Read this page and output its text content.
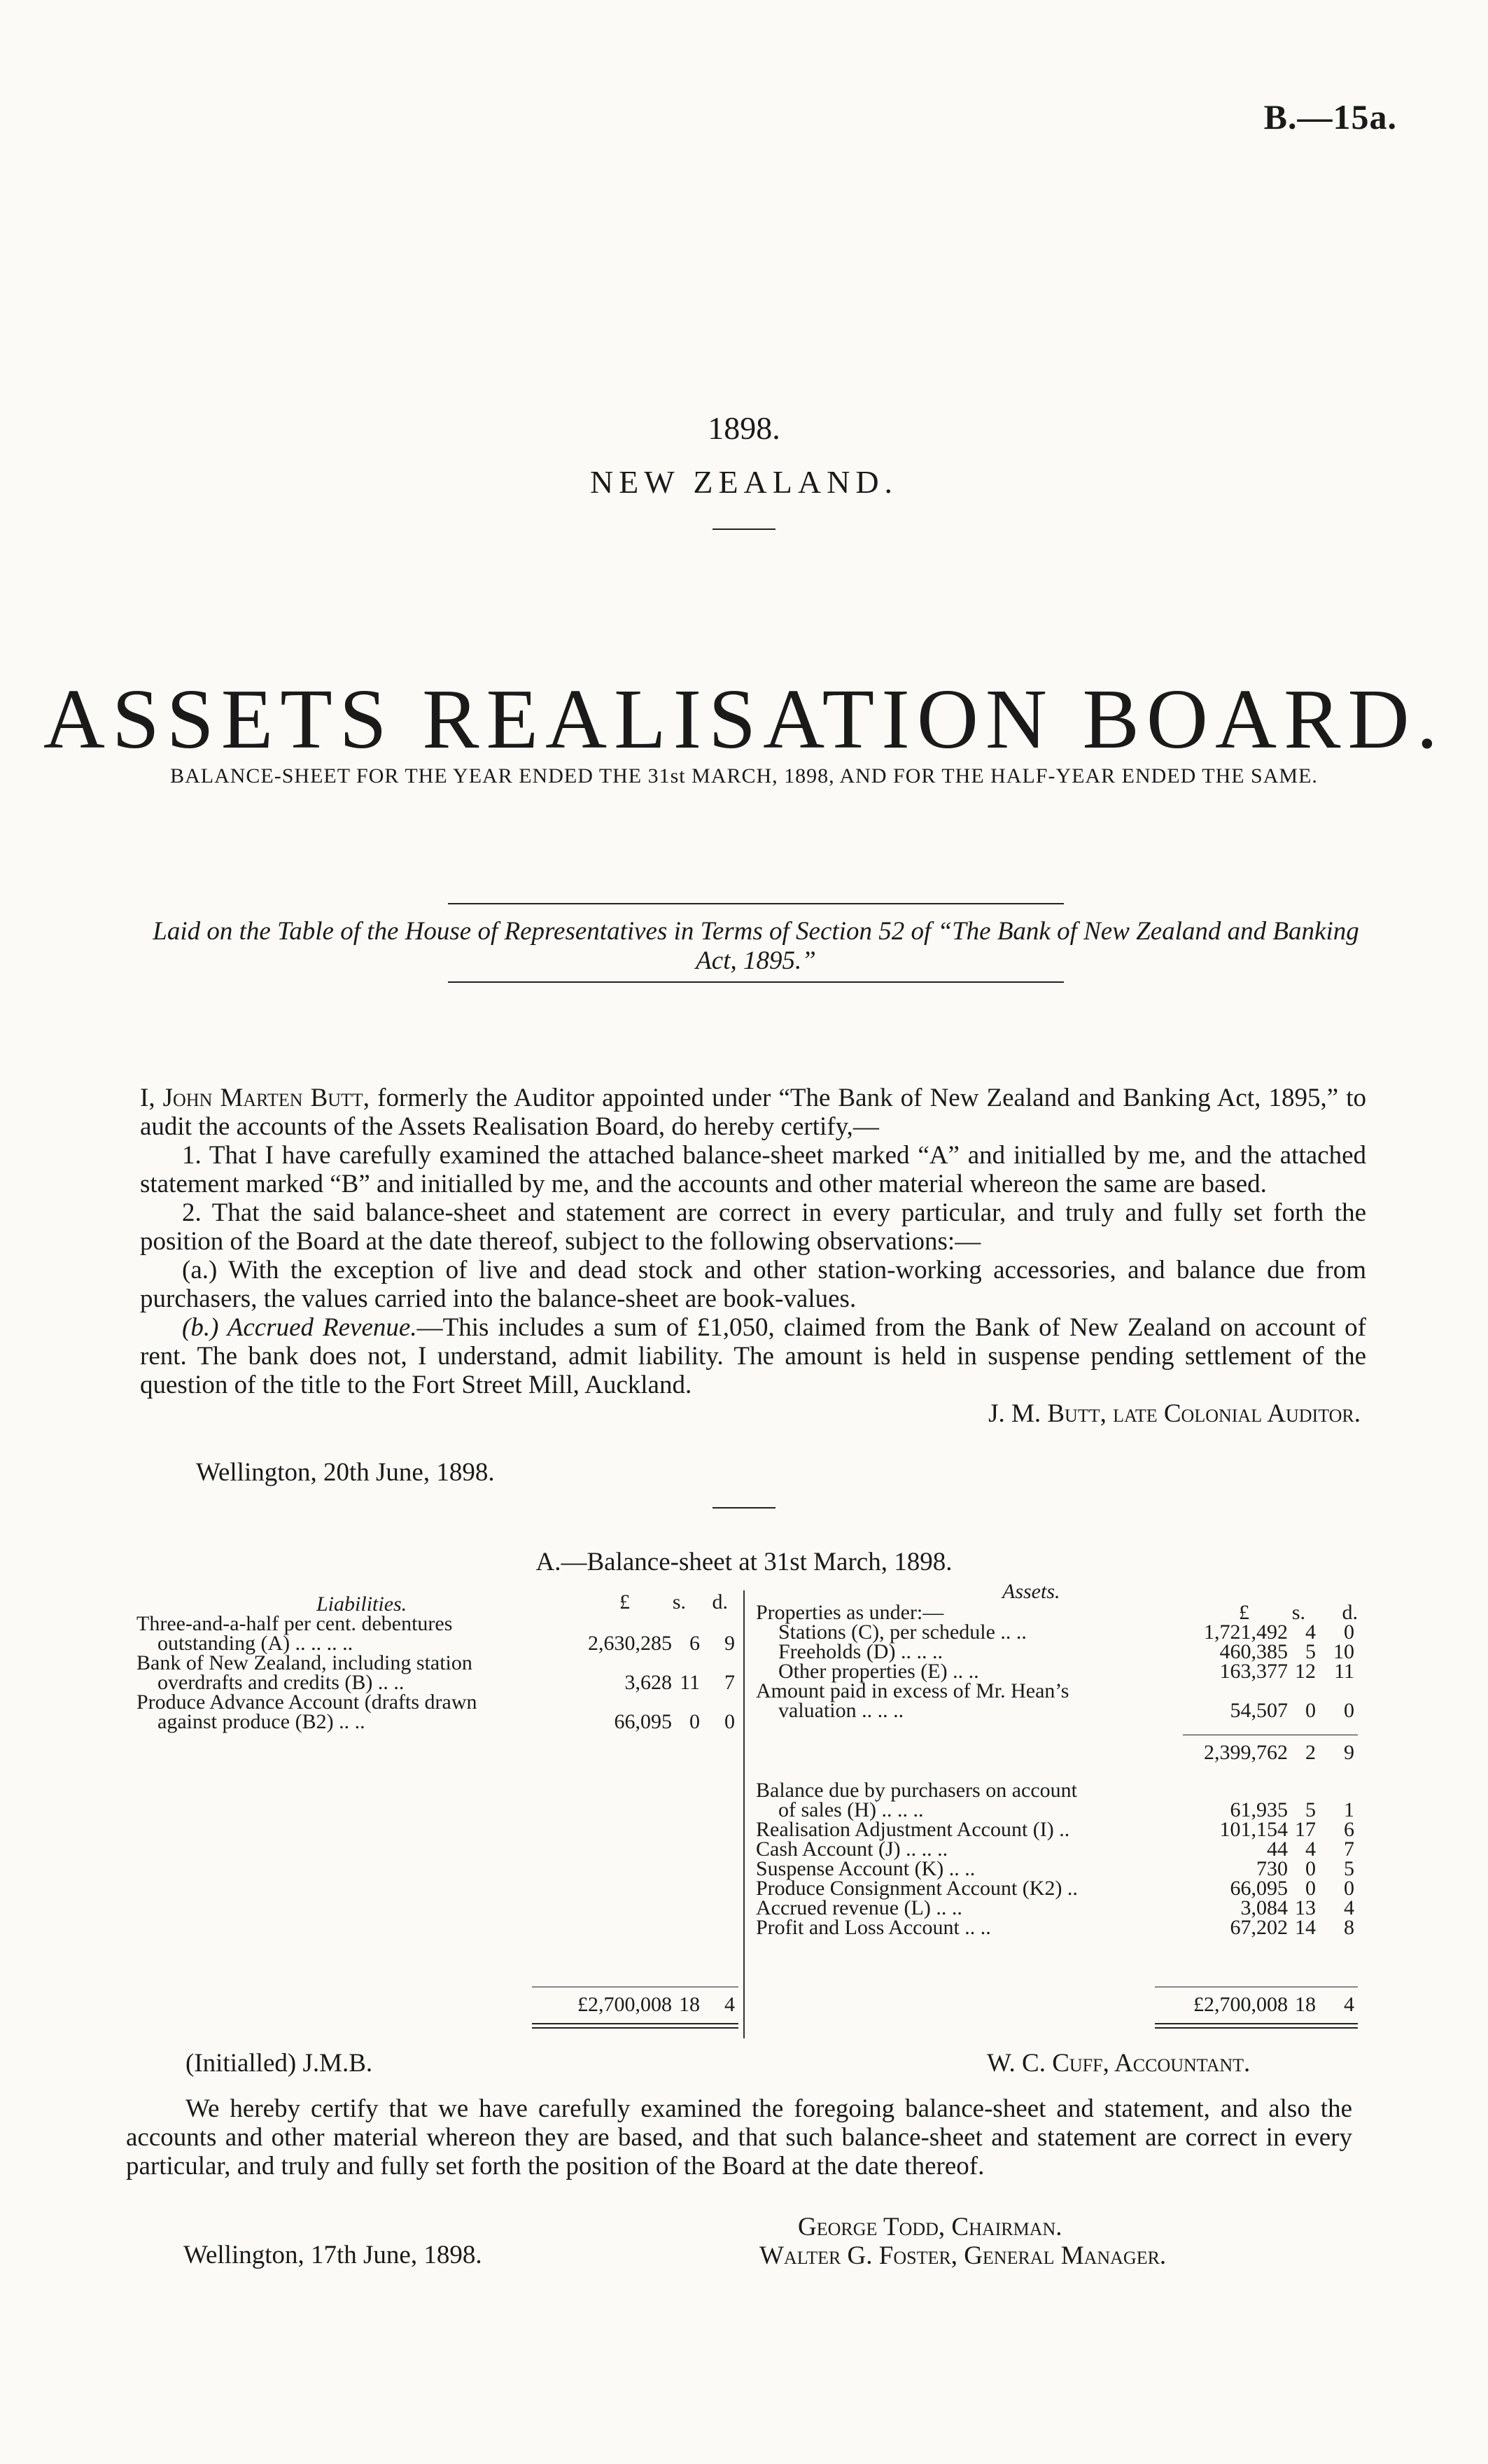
B.—15a.
1898.
NEW ZEALAND.
ASSETS REALISATION BOARD.
BALANCE-SHEET FOR THE YEAR ENDED THE 31st MARCH, 1898, AND FOR THE HALF-YEAR ENDED THE SAME.
Laid on the Table of the House of Representatives in Terms of Section 52 of “The Bank of New Zealand and Banking Act, 1895.”

I, John Marten Butt, formerly the Auditor appointed under “The Bank of New Zealand and Banking Act, 1895,” to audit the accounts of the Assets Realisation Board, do hereby certify,—

1. That I have carefully examined the attached balance-sheet marked “A” and initialled by me, and the attached statement marked “B” and initialled by me, and the accounts and other material whereon the same are based.

2. That the said balance-sheet and statement are correct in every particular, and truly and fully set forth the position of the Board at the date thereof, subject to the following observations:—

(a.) With the exception of live and dead stock and other station-working accessories, and balance due from purchasers, the values carried into the balance-sheet are book-values.

(b.) Accrued Revenue.—This includes a sum of £1,050, claimed from the Bank of New Zealand on account of rent. The bank does not, I understand, admit liability. The amount is held in suspense pending settlement of the question of the title to the Fort Street Mill, Auckland.

J. M. Butt, late Colonial Auditor.

Wellington, 20th June, 1898.
A.—Balance-sheet at 31st March, 1898.
Liabilities.	£	s.	d.
Three-and-a-half per cent. debentures
outstanding (A) .. .. .. ..	2,630,285 6	9
Bank of New Zealand, including station
overdrafts and credits (B) .. ..	3,628 11	7
Produce Advance Account (drafts drawn
against produce (B2) .. ..	66,095 0	0
£2,700,008 18	4
Assets.
£	s.	d.
Properties as under:—
Stations (C), per schedule .. ..	1,721,492 4	0
Freeholds (D) .. .. ..	460,385 5 10
Other properties (E) .. ..	163,377 12 11
Amount paid in excess of Mr. Hean’s
valuation .. .. ..	54,507 0	0
2,399,762 2	9
Balance due by purchasers on account
of sales (H) .. .. ..	61,935 5	1
Realisation Adjustment Account (I) ..	101,154 17	6
Cash Account (J) .. .. ..	44 4	7
Suspense Account (K) .. ..	730 0	5
Produce Consignment Account (K2) ..	66,095 0	0
Accrued revenue (L) .. ..	3,084 13	4
Profit and Loss Account .. ..	67,202 14	8
£2,700,008 18	4
(Initialled) J.M.B.	W. C. Cuff, Accountant.

We hereby certify that we have carefully examined the foregoing balance-sheet and statement, and also the accounts and other material whereon they are based, and that such balance-sheet and statement are correct in every particular, and truly and fully set forth the position of the Board at the date thereof.

George Todd, Chairman.
Walter G. Foster, General Manager.
Wellington, 17th June, 1898.
